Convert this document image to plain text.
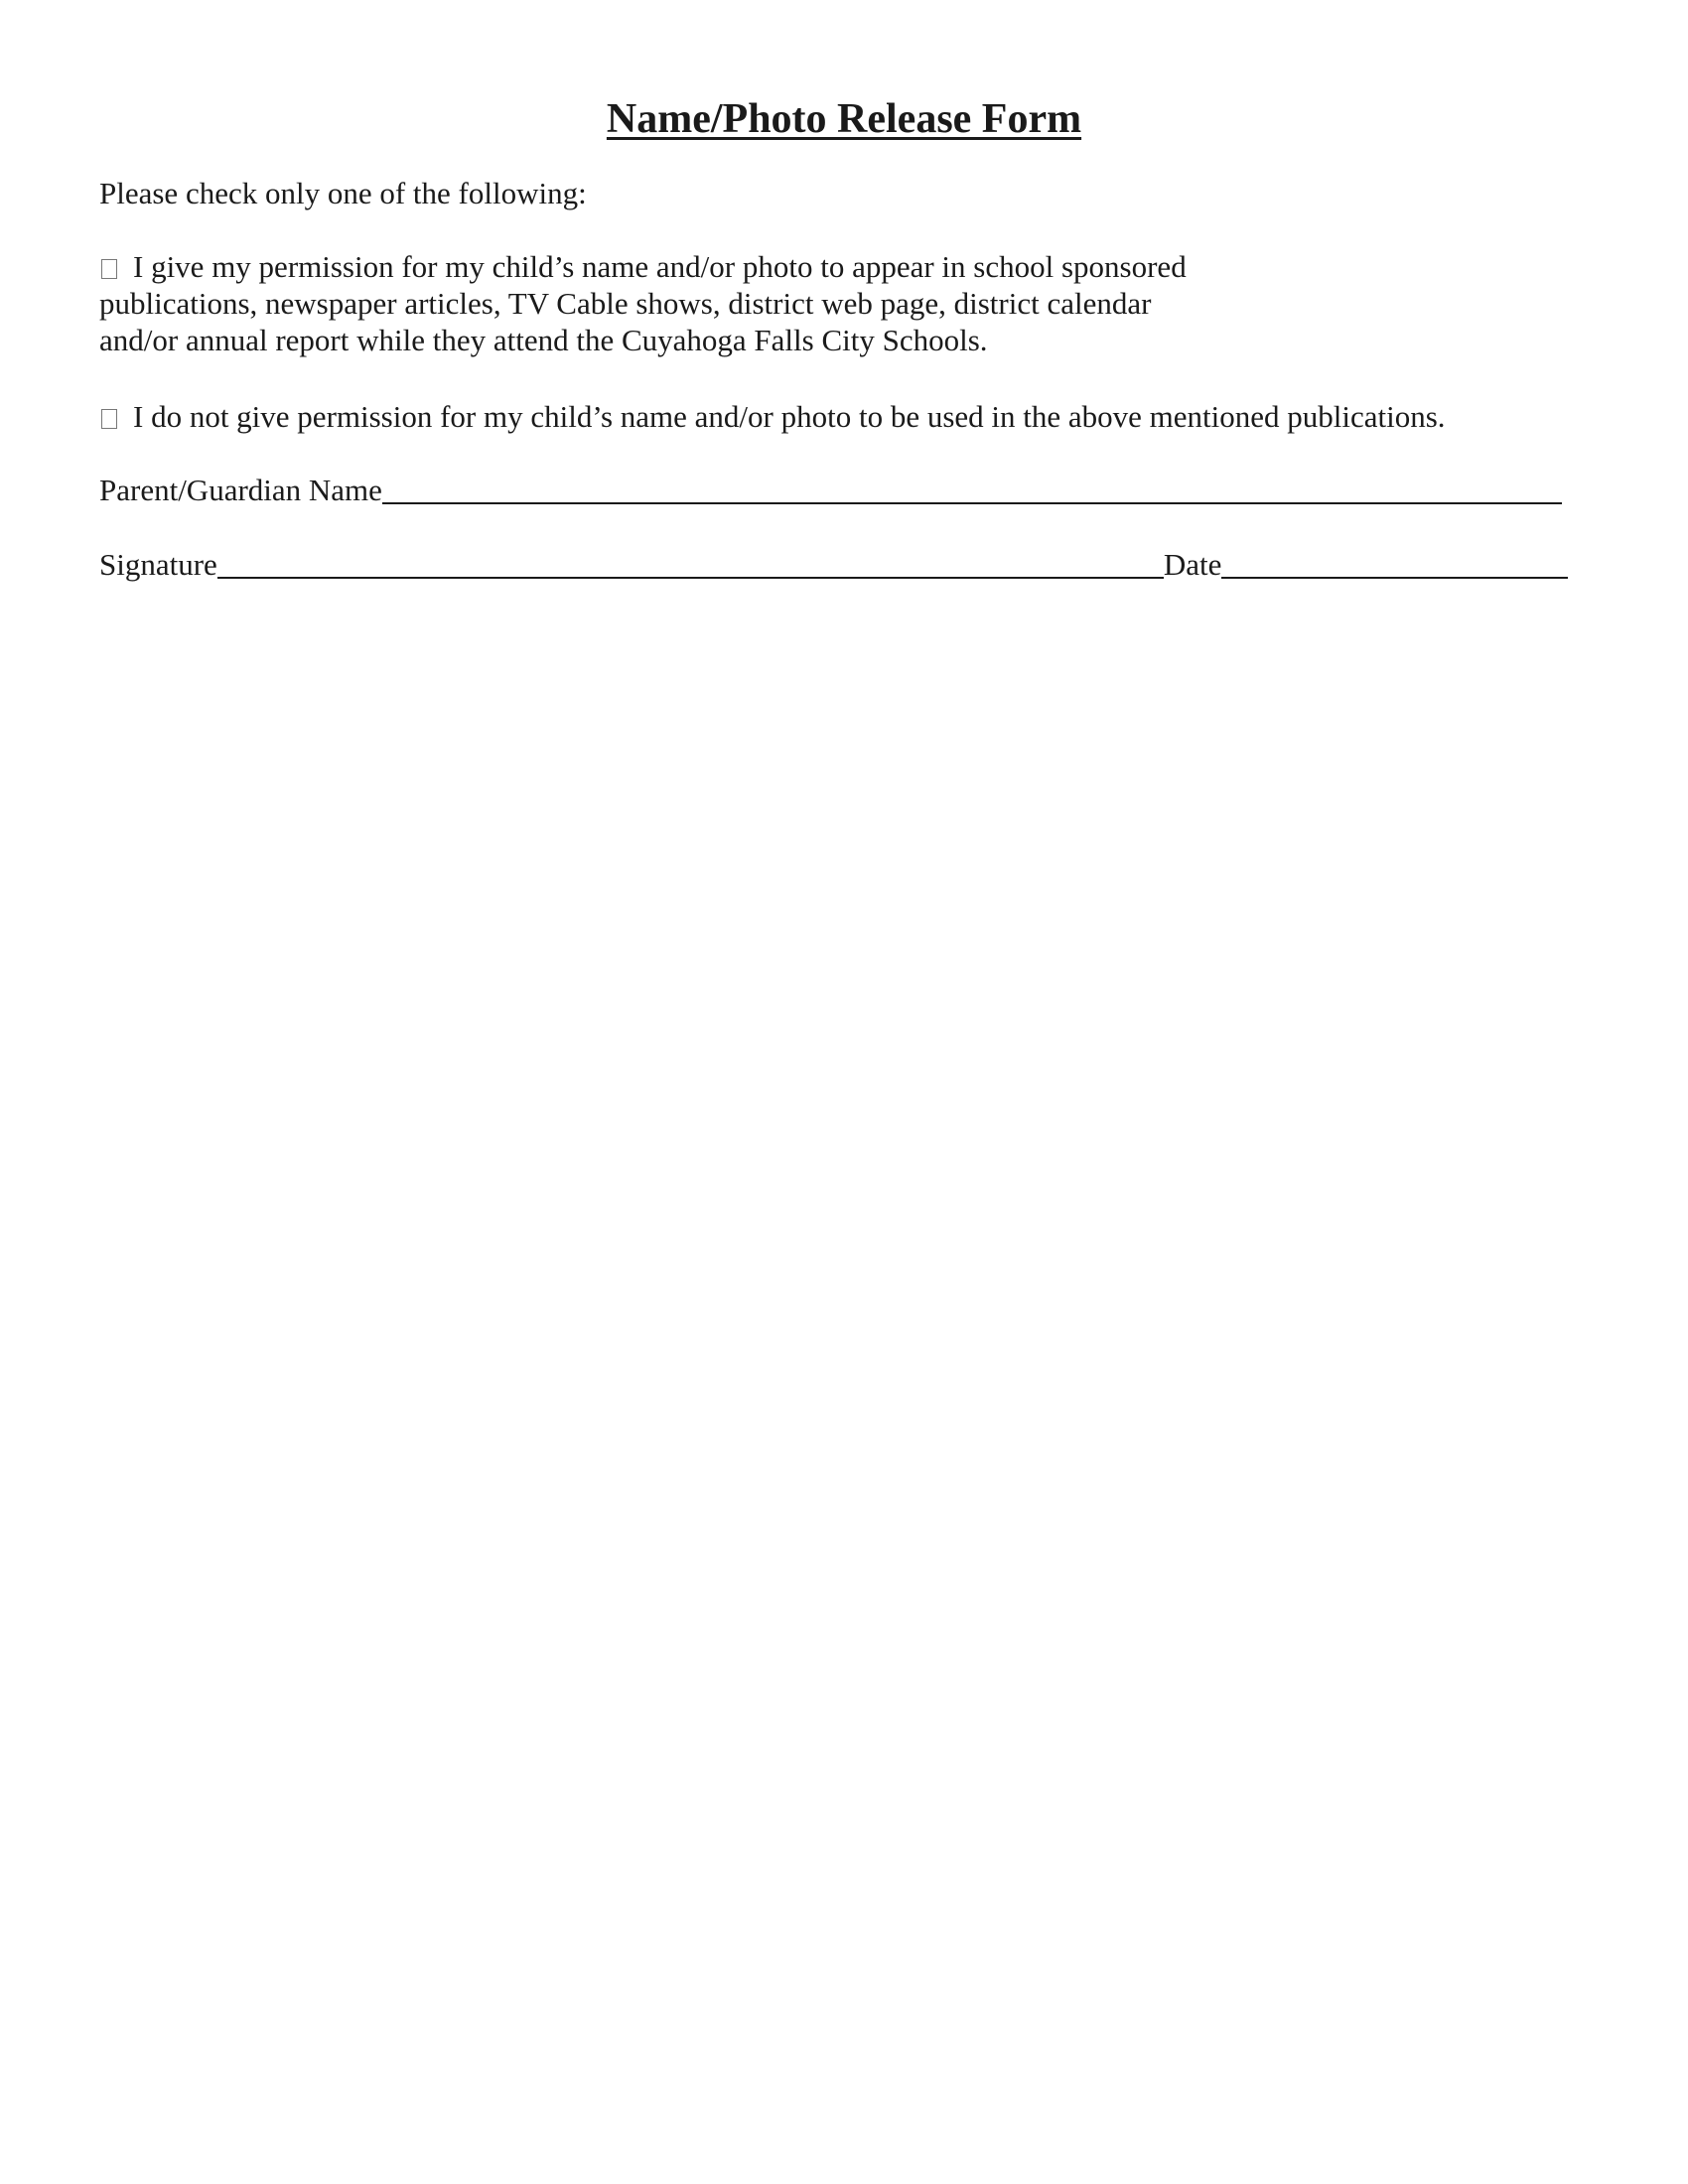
Name/Photo Release Form
Please check only one of the following:
I give my permission for my child’s name and/or photo to appear in school sponsored
publications, newspaper articles, TV Cable shows, district web page, district calendar
and/or annual report while they attend the Cuyahoga Falls City Schools.
I do not give permission for my child’s name and/or photo to be used in the above mentioned publications.
Parent/Guardian Name
Signature	Date
